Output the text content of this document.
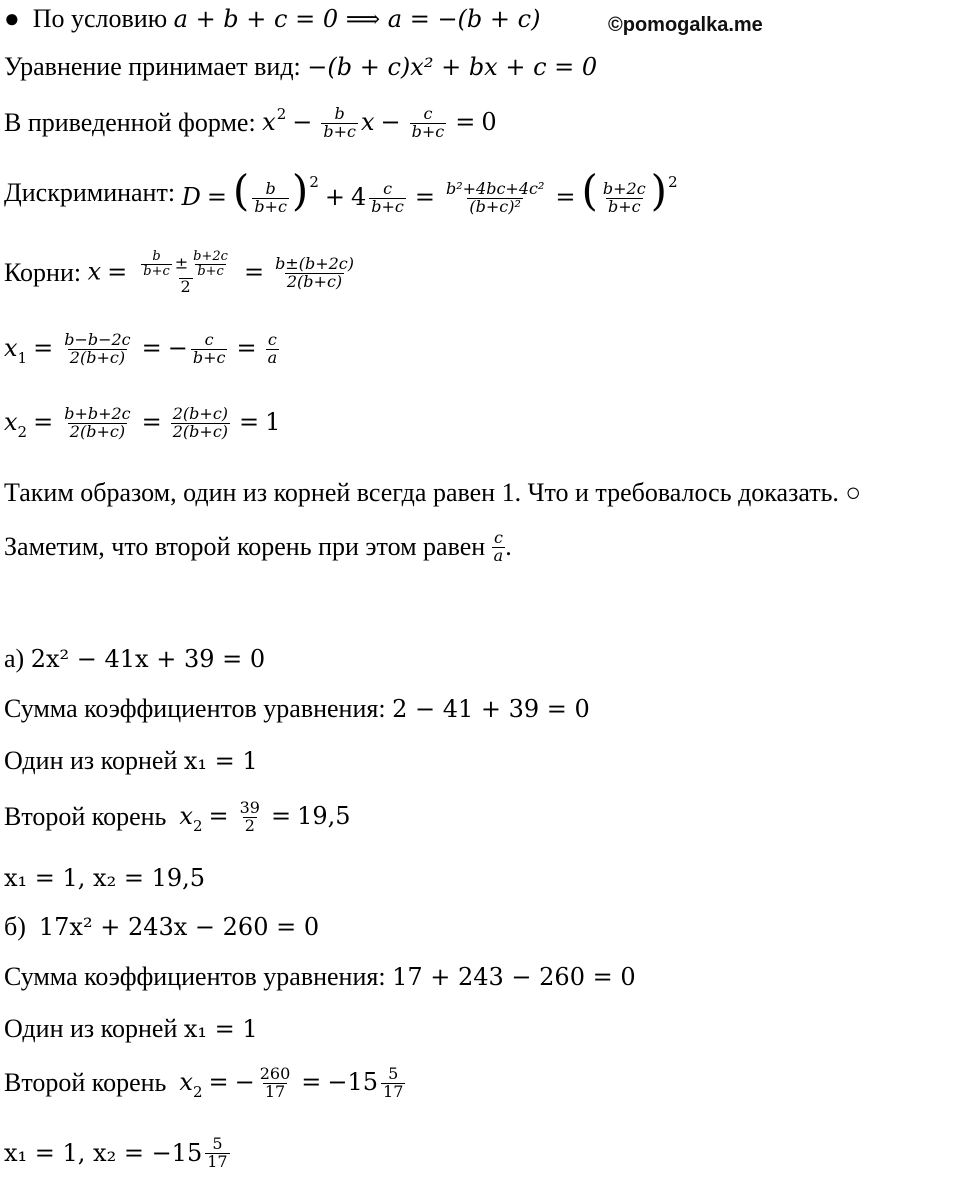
©pomogalka.me
●
По условию
a + b + c = 0 ⟹ a = −(b + c)
Уравнение принимает вид:
−(b + c)x² + bx + c = 0
В приведенной форме:
$x^2 - \frac{b}{b+c}$ $x - \frac{c}{b+c} = 0$
Дискриминант:
D = ( $\frac{b}{b+c} )^2+ 4 \frac{c}{b+c} = \frac{\text{b²+4bc+4c²}}{\text{(b+c)²}}$ = ( $\frac{b+2c}{b+c} )^2$
Корни:
$x = \frac{\frac{b}{b+c} \pm \frac{b+2c}{b+c}}{2} = \frac{b\pm(b+2c)}{2(b+c)}$
$x_1 = \frac{b-b-2c}{2(b+c)}$ = − $\frac{c}{b+c} = \frac{c}{a}$
$x_2 = \frac{b+b+2c}{2(b+c)} = \frac{2(b+c)}{2(b+c)} = 1$
Таким образом, один из корней всегда равен 1. Что и требовалось доказать. ○
Заметим, что второй корень при этом равен
$\frac{c}{a}$ .
а)
2x² − 41x + 39 = 0
Сумма коэффициентов уравнения:
2 − 41 + 39 = 0
Один из корней
x₁ = 1
Второй корень
$x_2 = \frac{39}{2} = 19,5$
x₁ = 1, x₂ = 19,5
б)
17x² + 243x − 260 = 0
Сумма коэффициентов уравнения:
17 + 243 − 260 = 0
Один из корней
x₁ = 1
Второй корень
$x_2$ = − $\frac{260}{17} = -15 \frac{5}{17}$
x₁ = 1, $x_2 = -15 \frac{5}{17}$
